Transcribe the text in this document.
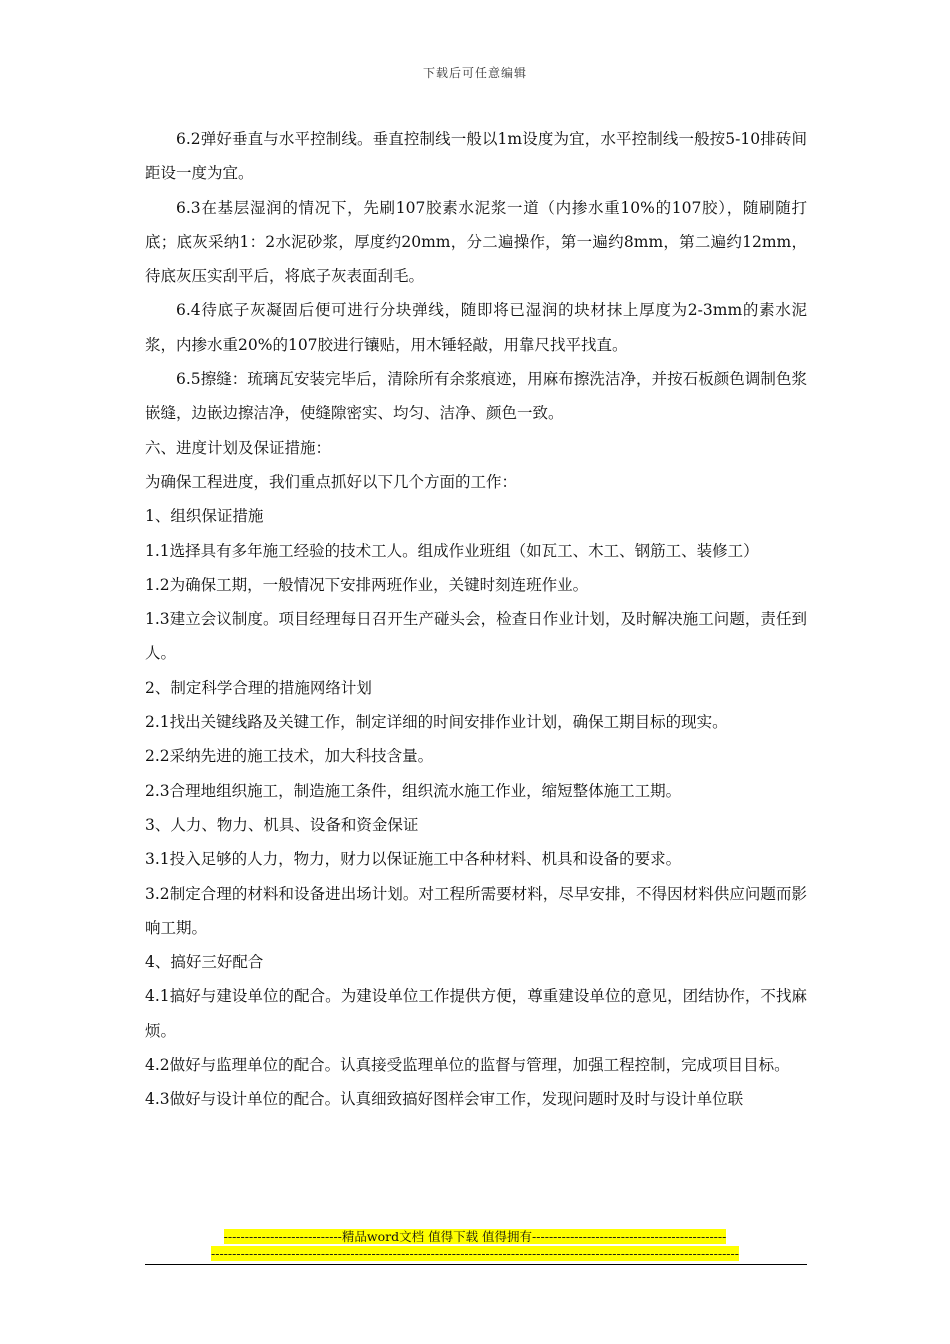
下载后可任意编辑

6.2弹好垂直与水平控制线。垂直控制线一般以1m设度为宜，水平控制线一般按5-10排砖间距设一度为宜。

6.3在基层湿润的情况下，先刷107胶素水泥浆一道（内掺水重10%的107胶），随刷随打底；底灰采纳1：2水泥砂浆，厚度约20mm，分二遍操作，第一遍约8mm，第二遍约12mm，待底灰压实刮平后，将底子灰表面刮毛。

6.4待底子灰凝固后便可进行分块弹线，随即将已湿润的块材抹上厚度为2-3mm的素水泥浆，内掺水重20%的107胶进行镶贴，用木锤轻敲，用靠尺找平找直。

6.5擦缝：琉璃瓦安装完毕后，清除所有余浆痕迹，用麻布擦洗洁净，并按石板颜色调制色浆嵌缝，边嵌边擦洁净，使缝隙密实、均匀、洁净、颜色一致。

六、进度计划及保证措施：

为确保工程进度，我们重点抓好以下几个方面的工作：

1、组织保证措施

1.1选择具有多年施工经验的技术工人。组成作业班组（如瓦工、木工、钢筋工、装修工）

1.2为确保工期，一般情况下安排两班作业，关键时刻连班作业。

1.3建立会议制度。项目经理每日召开生产碰头会，检查日作业计划，及时解决施工问题，责任到人。

2、制定科学合理的措施网络计划

2.1找出关键线路及关键工作，制定详细的时间安排作业计划，确保工期目标的现实。

2.2采纳先进的施工技术，加大科技含量。

2.3合理地组织施工，制造施工条件，组织流水施工作业，缩短整体施工工期。

3、人力、物力、机具、设备和资金保证

3.1投入足够的人力，物力，财力以保证施工中各种材料、机具和设备的要求。

3.2制定合理的材料和设备进出场计划。对工程所需要材料，尽早安排，不得因材料供应问题而影响工期。

4、搞好三好配合

4.1搞好与建设单位的配合。为建设单位工作提供方便，尊重建设单位的意见，团结协作，不找麻烦。

4.2做好与监理单位的配合。认真接受监理单位的监督与管理，加强工程控制，完成项目目标。

4.3做好与设计单位的配合。认真细致搞好图样会审工作，发现问题时及时与设计单位联

----------------------------精品word文档 值得下载 值得拥有----------------------------------------------
-----------------------------------------------------------------------------------------------------------------------------
